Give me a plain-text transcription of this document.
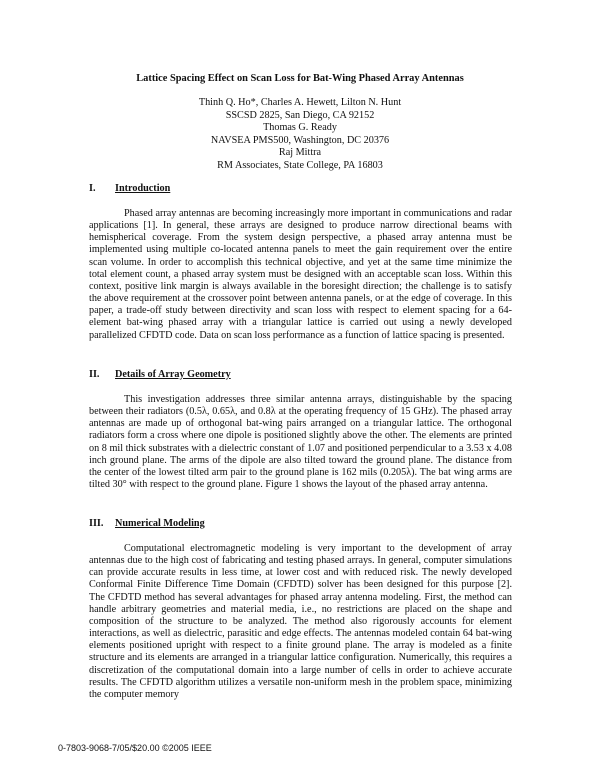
Lattice Spacing Effect on Scan Loss for Bat-Wing Phased Array Antennas
Thinh Q. Ho*, Charles A. Hewett, Lilton N. Hunt
SSCSD 2825, San Diego, CA 92152
Thomas G. Ready
NAVSEA PMS500, Washington, DC 20376
Raj Mittra
RM Associates, State College, PA 16803
I. Introduction

Phased array antennas are becoming increasingly more important in communications and radar applications [1]. In general, these arrays are designed to produce narrow directional beams with hemispherical coverage. From the system design perspective, a phased array antenna must be implemented using multiple co-located antenna panels to meet the gain requirement over the entire scan volume. In order to accomplish this technical objective, and yet at the same time minimize the total element count, a phased array system must be designed with an acceptable scan loss. Within this context, positive link margin is always available in the boresight direction; the challenge is to satisfy the above requirement at the crossover point between antenna panels, or at the edge of coverage. In this paper, a trade-off study between directivity and scan loss with respect to element spacing for a 64-element bat-wing phased array with a triangular lattice is carried out using a newly developed parallelized CFDTD code. Data on scan loss performance as a function of lattice spacing is presented.

II. Details of Array Geometry

This investigation addresses three similar antenna arrays, distinguishable by the spacing between their radiators (0.5λ, 0.65λ, and 0.8λ at the operating frequency of 15 GHz). The phased array antennas are made up of orthogonal bat-wing pairs arranged on a triangular lattice. The orthogonal radiators form a cross where one dipole is positioned slightly above the other. The elements are printed on 8 mil thick substrates with a dielectric constant of 1.07 and positioned perpendicular to a 3.53 x 4.08 inch ground plane. The arms of the dipole are also tilted toward the ground plane. The distance from the center of the lowest tilted arm pair to the ground plane is 162 mils (0.205λ). The bat wing arms are tilted 30° with respect to the ground plane. Figure 1 shows the layout of the phased array antenna.

III. Numerical Modeling

Computational electromagnetic modeling is very important to the development of array antennas due to the high cost of fabricating and testing phased arrays. In general, computer simulations can provide accurate results in less time, at lower cost and with reduced risk. The newly developed Conformal Finite Difference Time Domain (CFDTD) solver has been designed for this purpose [2]. The CFDTD method has several advantages for phased array antenna modeling. First, the method can handle arbitrary geometries and material media, i.e., no restrictions are placed on the shape and composition of the structure to be analyzed. The method also rigorously accounts for element interactions, as well as dielectric, parasitic and edge effects. The antennas modeled contain 64 bat-wing elements positioned upright with respect to a finite ground plane. The array is modeled as a finite structure and its elements are arranged in a triangular lattice configuration. Numerically, this requires a discretization of the computational domain into a large number of cells in order to achieve accurate results. The CFDTD algorithm utilizes a versatile non-uniform mesh in the problem space, minimizing the computer memory

0-7803-9068-7/05/$20.00 ©2005 IEEE
